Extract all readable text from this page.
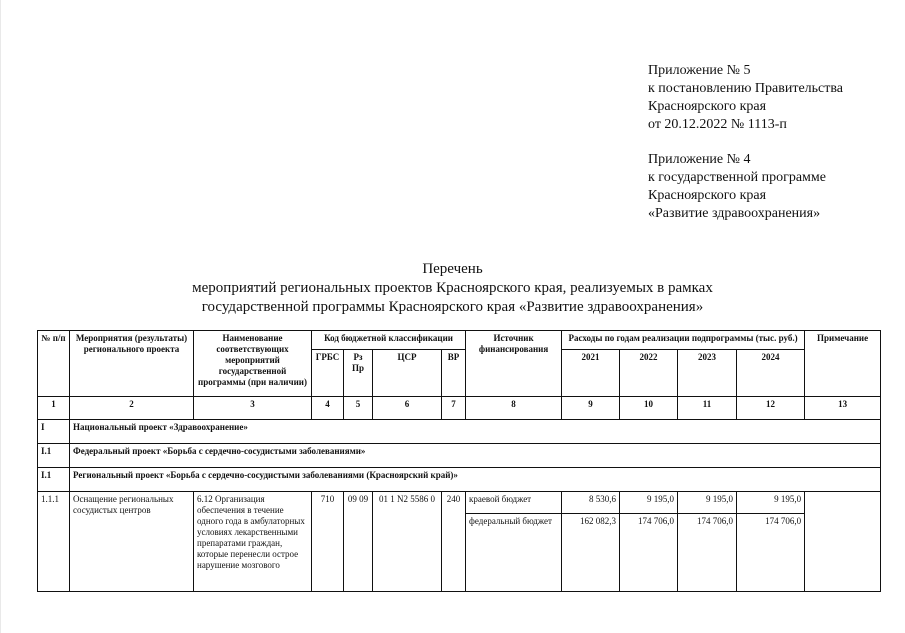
Приложение № 5
к постановлению Правительства
Красноярского края
от 20.12.2022 № 1113-п
Приложение № 4
к государственной программе
Красноярского края
«Развитие здравоохранения»
Перечень
мероприятий региональных проектов Красноярского края, реализуемых в рамках
государственной программы Красноярского края «Развитие здравоохранения»
№ п/п	Мероприятия (результаты) регионального проекта	Наименование соответствующих мероприятий государственной программы (при наличии)	Код бюджетной классификации				Источник финансирования	Расходы по годам реализации подпрограммы (тыс. руб.)				Примечание
			ГРБС	Рз Пр	ЦСР	ВР		2021	2022	2023	2024	
1	2	3	4	5	6	7	8	9	10	11	12	13
I	Национальный проект «Здравоохранение»											
I.1	Федеральный проект «Борьба с сердечно-сосудистыми заболеваниями»											
I.1	Региональный проект «Борьба с сердечно-сосудистыми заболеваниями (Красноярский край)»											
1.1.1	Оснащение региональных сосудистых центров	6.12 Организация обеспечения в течение одного года в амбулаторных условиях лекарственными препаратами граждан, которые перенесли острое нарушение мозгового	710	09 09	01 1 N2 5586 0	240	краевой бюджет	8 530,6	9 195,0	9 195,0	9 195,0	
							федеральный бюджет	162 082,3	174 706,0	174 706,0	174 706,0	
